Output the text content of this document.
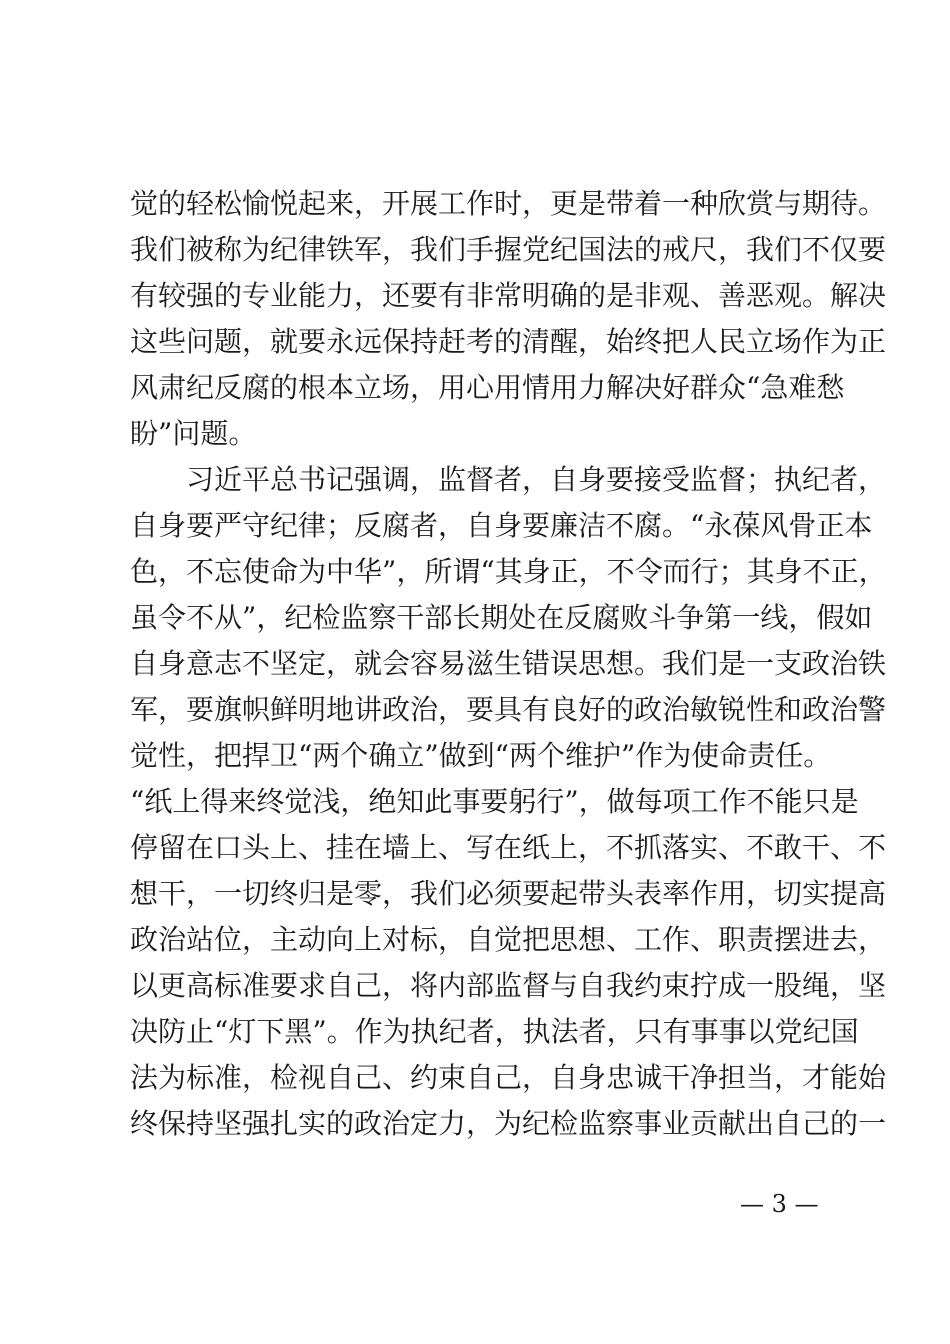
觉的轻松愉悦起来，开展工作时，更是带着一种欣赏与期待。
我们被称为纪律铁军，我们手握党纪国法的戒尺，我们不仅要
有较强的专业能力，还要有非常明确的是非观、善恶观。解决
这些问题，就要永远保持赶考的清醒，始终把人民立场作为正
风肃纪反腐的根本立场，用心用情用力解决好群众“急难愁
盼”问题。
习近平总书记强调，监督者，自身要接受监督；执纪者，
自身要严守纪律；反腐者，自身要廉洁不腐。“永葆风骨正本
色，不忘使命为中华”，所谓“其身正，不令而行；其身不正，
虽令不从”，纪检监察干部长期处在反腐败斗争第一线，假如
自身意志不坚定，就会容易滋生错误思想。我们是一支政治铁
军，要旗帜鲜明地讲政治，要具有良好的政治敏锐性和政治警
觉性，把捍卫“两个确立”做到“两个维护”作为使命责任。
“纸上得来终觉浅，绝知此事要躬行”，做每项工作不能只是
停留在口头上、挂在墙上、写在纸上，不抓落实、不敢干、不
想干，一切终归是零，我们必须要起带头表率作用，切实提高
政治站位，主动向上对标，自觉把思想、工作、职责摆进去，
以更高标准要求自己，将内部监督与自我约束拧成一股绳，坚
决防止“灯下黑”。作为执纪者，执法者，只有事事以党纪国
法为标准，检视自己、约束自己，自身忠诚干净担当，才能始
终保持坚强扎实的政治定力，为纪检监察事业贡献出自己的一
— 3 —
